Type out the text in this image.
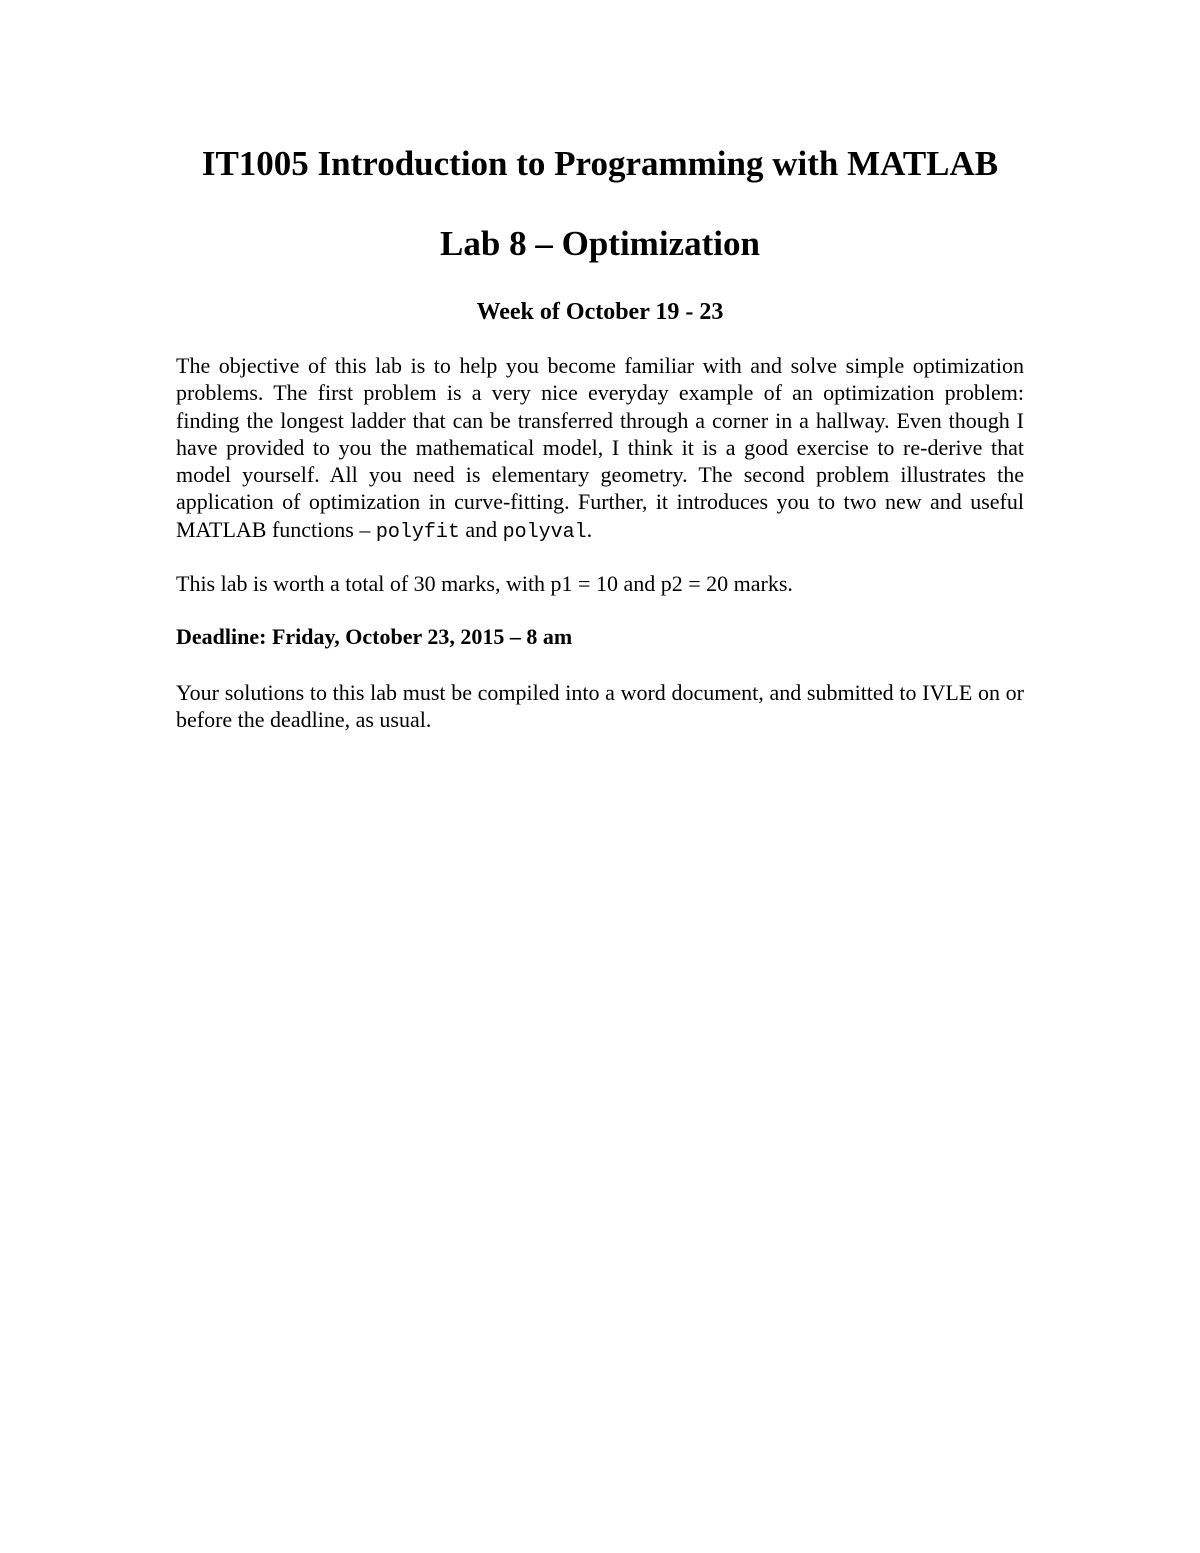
IT1005 Introduction to Programming with MATLAB
Lab 8 – Optimization
Week of October 19 - 23

The objective of this lab is to help you become familiar with and solve simple optimization problems. The first problem is a very nice everyday example of an optimization problem: finding the longest ladder that can be transferred through a corner in a hallway. Even though I have provided to you the mathematical model, I think it is a good exercise to re-derive that model yourself. All you need is elementary geometry. The second problem illustrates the application of optimization in curve-fitting. Further, it introduces you to two new and useful MATLAB functions – polyfit and polyval.

This lab is worth a total of 30 marks, with p1 = 10 and p2 = 20 marks.

Deadline: Friday, October 23, 2015 – 8 am

Your solutions to this lab must be compiled into a word document, and submitted to IVLE on or before the deadline, as usual.
